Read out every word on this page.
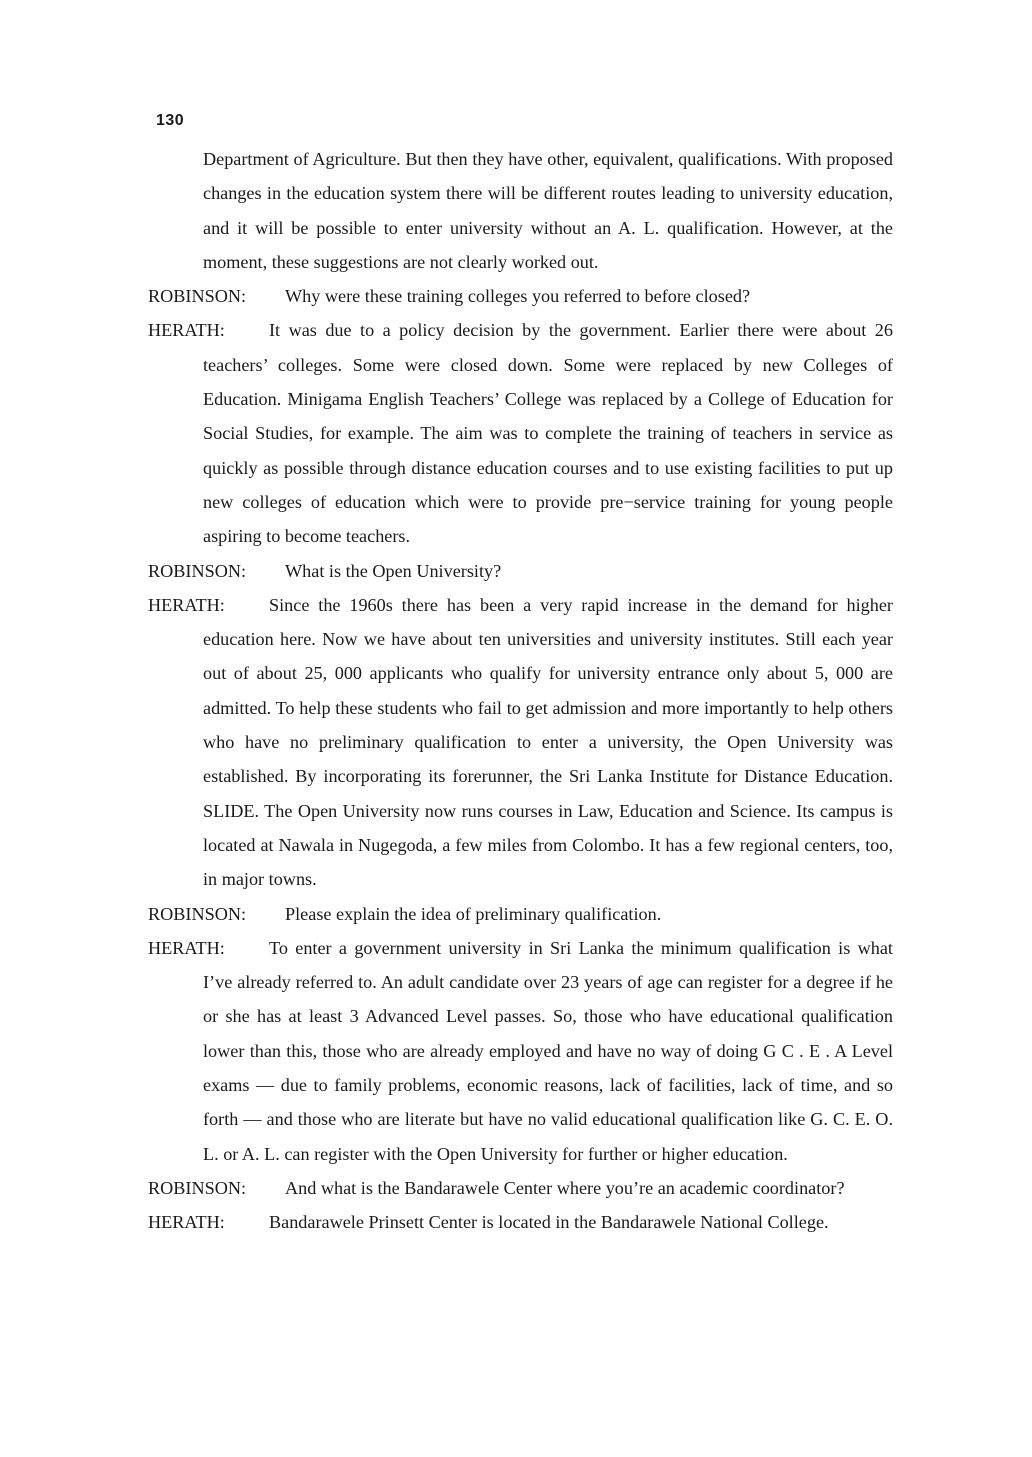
130

Department of Agriculture. But then they have other, equivalent, qualifications. With proposed changes in the education system there will be different routes leading to university education, and it will be possible to enter university without an A. L. qualification. However, at the moment, these suggestions are not clearly worked out.

ROBINSON: Why were these training colleges you referred to before closed?

HERATH: It was due to a policy decision by the government. Earlier there were about 26 teachers’ colleges. Some were closed down. Some were replaced by new Colleges of Education. Minigama English Teachers’ College was replaced by a College of Education for Social Studies, for example. The aim was to complete the training of teachers in service as quickly as possible through distance education courses and to use existing facilities to put up new colleges of education which were to provide pre−service training for young people aspiring to become teachers.

ROBINSON: What is the Open University?

HERATH: Since the 1960s there has been a very rapid increase in the demand for higher education here. Now we have about ten universities and university institutes. Still each year out of about 25, 000 applicants who qualify for university entrance only about 5, 000 are admitted. To help these students who fail to get admission and more importantly to help others who have no preliminary qualification to enter a university, the Open University was established. By incorporating its forerunner, the Sri Lanka Institute for Distance Education. SLIDE. The Open University now runs courses in Law, Education and Science. Its campus is located at Nawala in Nugegoda, a few miles from Colombo. It has a few regional centers, too, in major towns.

ROBINSON: Please explain the idea of preliminary qualification.

HERATH: To enter a government university in Sri Lanka the minimum qualification is what I’ve already referred to. An adult candidate over 23 years of age can register for a degree if he or she has at least 3 Advanced Level passes. So, those who have educational qualification lower than this, those who are already employed and have no way of doing G C . E . A Level exams — due to family problems, economic reasons, lack of facilities, lack of time, and so forth — and those who are literate but have no valid educational qualification like G. C. E. O. L. or A. L. can register with the Open University for further or higher education.

ROBINSON: And what is the Bandarawele Center where you’re an academic coordinator?

HERATH: Bandarawele Prinsett Center is located in the Bandarawele National College.
